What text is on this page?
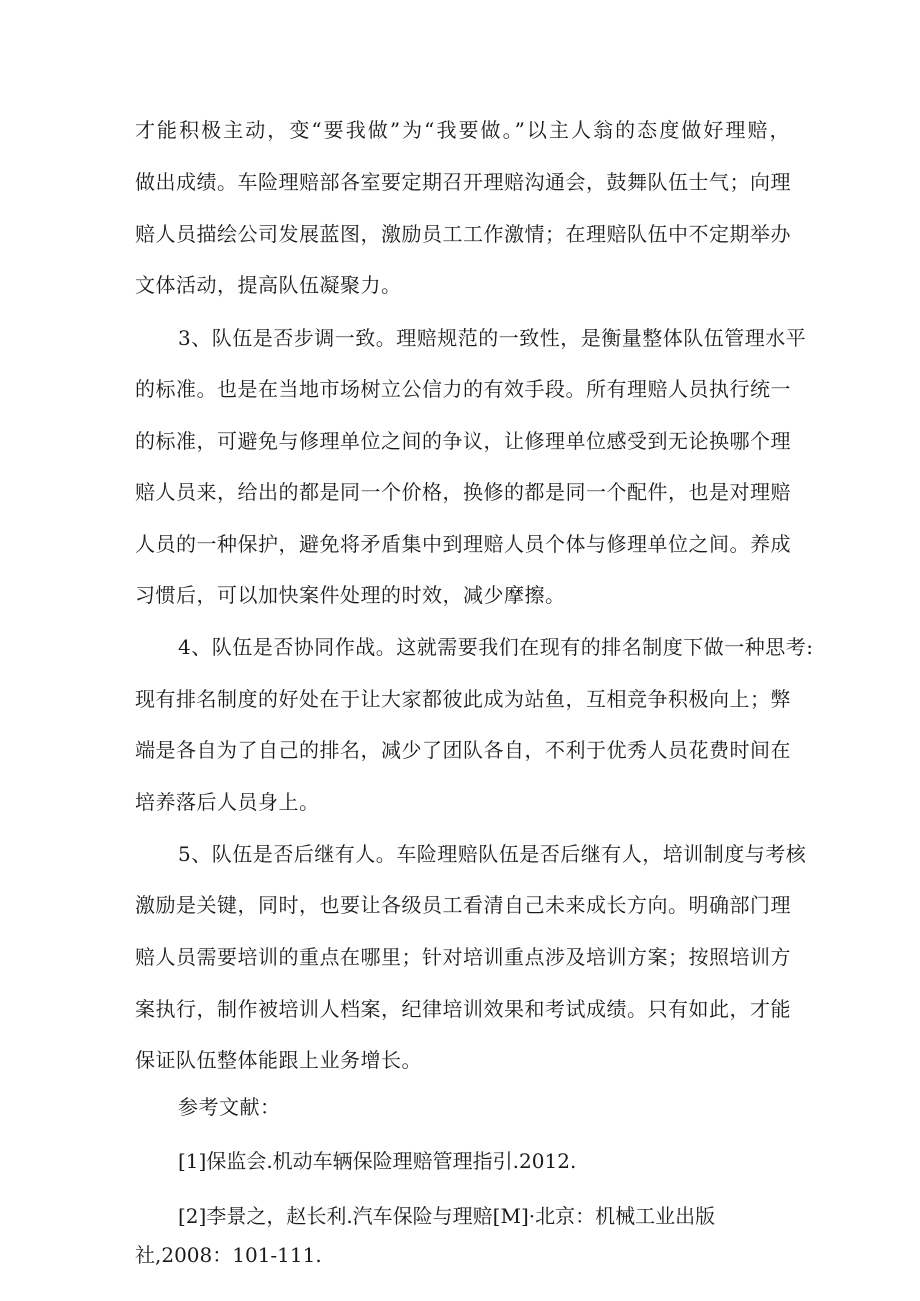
才能积极主动，变“要我做”为“我要做。”以主人翁的态度做好理赔，
做出成绩。车险理赔部各室要定期召开理赔沟通会，鼓舞队伍士气；向理
赔人员描绘公司发展蓝图，激励员工工作激情；在理赔队伍中不定期举办
文体活动，提高队伍凝聚力。
3、队伍是否步调一致。理赔规范的一致性，是衡量整体队伍管理水平
的标准。也是在当地市场树立公信力的有效手段。所有理赔人员执行统一
的标准，可避免与修理单位之间的争议，让修理单位感受到无论换哪个理
赔人员来，给出的都是同一个价格，换修的都是同一个配件，也是对理赔
人员的一种保护，避免将矛盾集中到理赔人员个体与修理单位之间。养成
习惯后，可以加快案件处理的时效，减少摩擦。
4、队伍是否协同作战。这就需要我们在现有的排名制度下做一种思考:
现有排名制度的好处在于让大家都彼此成为站鱼，互相竞争积极向上；弊
端是各自为了自己的排名，减少了团队各自，不利于优秀人员花费时间在
培养落后人员身上。
5、队伍是否后继有人。车险理赔队伍是否后继有人，培训制度与考核
激励是关键，同时，也要让各级员工看清自己未来成长方向。明确部门理
赔人员需要培训的重点在哪里；针对培训重点涉及培训方案；按照培训方
案执行，制作被培训人档案，纪律培训效果和考试成绩。只有如此，才能
保证队伍整体能跟上业务增长。
参考文献：
[1]保监会.机动车辆保险理赔管理指引.2012.
[2]李景之，赵长利.汽车保险与理赔[M]·北京：机械工业出版
社,2008：101-111.
